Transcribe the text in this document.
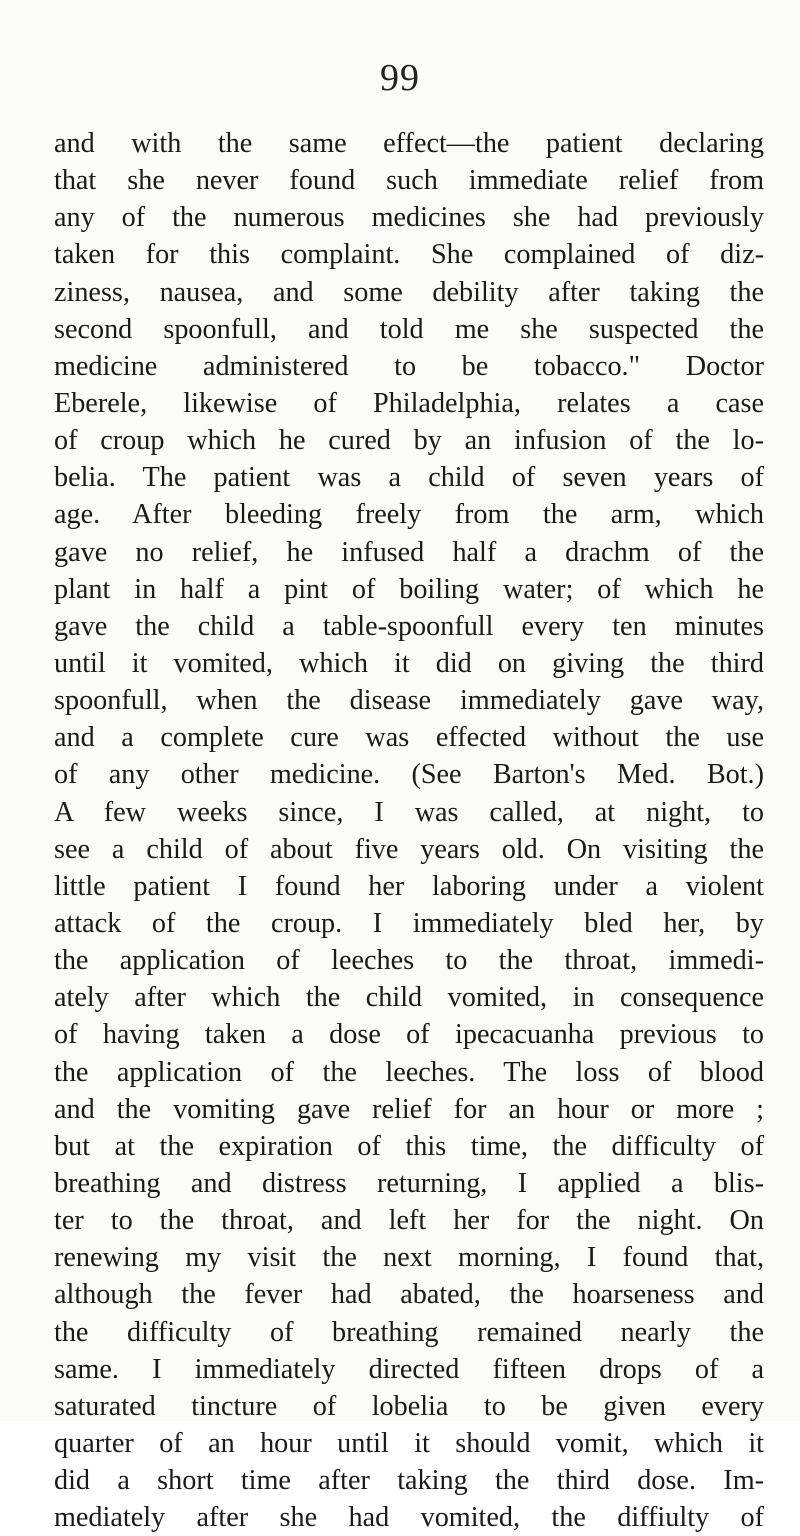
99
and with the same effect—the patient declaring
that she never found such immediate relief from
any of the numerous medicines she had previously
taken for this complaint. She complained of diz-
ziness, nausea, and some debility after taking the
second spoonfull, and told me she suspected the
medicine administered to be tobacco." Doctor
Eberele, likewise of Philadelphia, relates a case
of croup which he cured by an infusion of the lo-
belia. The patient was a child of seven years of
age. After bleeding freely from the arm, which
gave no relief, he infused half a drachm of the
plant in half a pint of boiling water; of which he
gave the child a table-spoonfull every ten minutes
until it vomited, which it did on giving the third
spoonfull, when the disease immediately gave way,
and a complete cure was effected without the use
of any other medicine. (See Barton's Med. Bot.)
A few weeks since, I was called, at night, to
see a child of about five years old. On visiting the
little patient I found her laboring under a violent
attack of the croup. I immediately bled her, by
the application of leeches to the throat, immedi-
ately after which the child vomited, in consequence
of having taken a dose of ipecacuanha previous to
the application of the leeches. The loss of blood
and the vomiting gave relief for an hour or more ;
but at the expiration of this time, the difficulty of
breathing and distress returning, I applied a blis-
ter to the throat, and left her for the night. On
renewing my visit the next morning, I found that,
although the fever had abated, the hoarseness and
the difficulty of breathing remained nearly the
same. I immediately directed fifteen drops of a
saturated tincture of lobelia to be given every
quarter of an hour until it should vomit, which it
did a short time after taking the third dose. Im-
mediately after she had vomited, the diffiulty of
